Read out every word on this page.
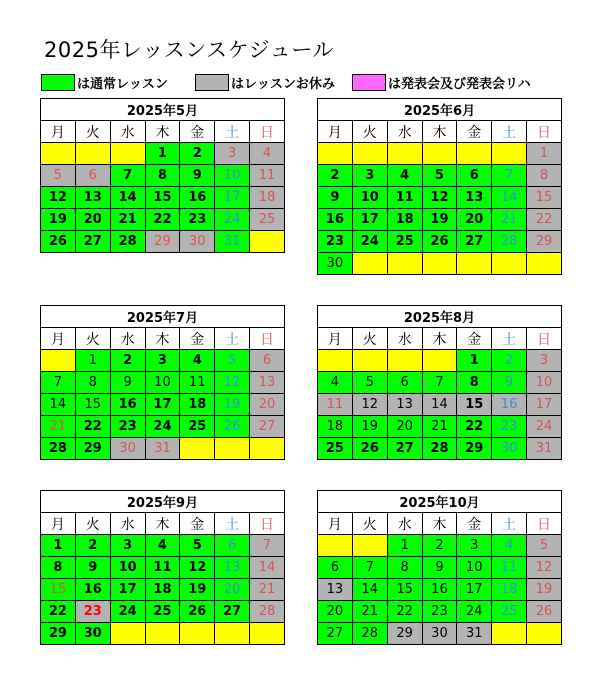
2025年レッスンスケジュール
は通常レッスン	はレッスンお休み	は発表会及び発表会リハ
2025年5月						
月	火	水	木	金	土	日
			1	2	3	4
5	6	7	8	9	10	11
12	13	14	15	16	17	18
19	20	21	22	23	24	25
26	27	28	29	30	31	
2025年6月						
月	火	水	木	金	土	日
						1
2	3	4	5	6	7	8
9	10	11	12	13	14	15
16	17	18	19	20	21	22
23	24	25	26	27	28	29
30						
2025年7月						
月	火	水	木	金	土	日
	1	2	3	4	5	6
7	8	9	10	11	12	13
14	15	16	17	18	19	20
21	22	23	24	25	26	27
28	29	30	31			
2025年8月						
月	火	水	木	金	土	日
				1	2	3
4	5	6	7	8	9	10
11	12	13	14	15	16	17
18	19	20	21	22	23	24
25	26	27	28	29	30	31
2025年9月						
月	火	水	木	金	土	日
1	2	3	4	5	6	7
8	9	10	11	12	13	14
15	16	17	18	19	20	21
22	23	24	25	26	27	28
29	30					
2025年10月						
月	火	水	木	金	土	日
		1	2	3	4	5
6	7	8	9	10	11	12
13	14	15	16	17	18	19
20	21	22	23	24	25	26
27	28	29	30	31		
